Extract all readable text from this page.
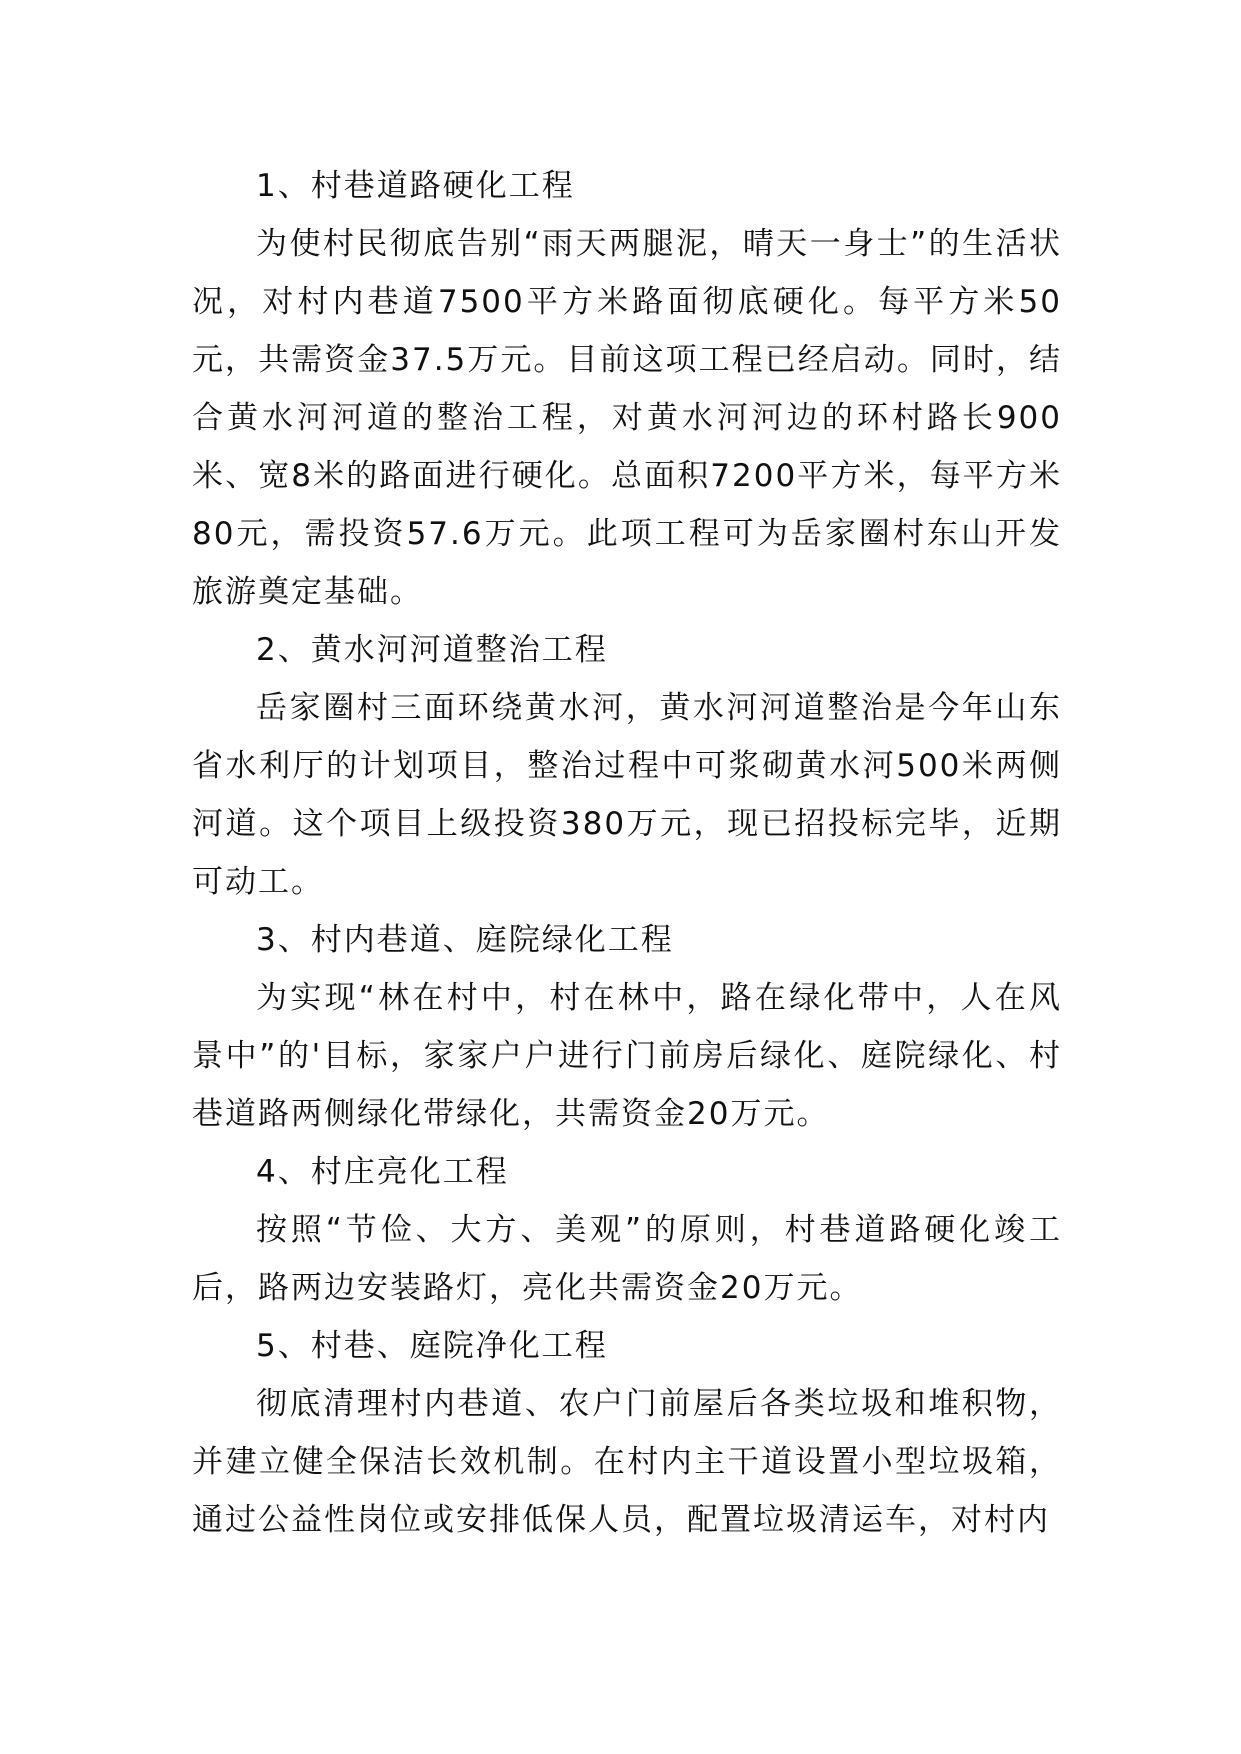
1、村巷道路硬化工程

为使村民彻底告别“雨天两腿泥，晴天一身士”的生活状况，对村内巷道7500平方米路面彻底硬化。每平方米50元，共需资金37.5万元。目前这项工程已经启动。同时，结合黄水河河道的整治工程，对黄水河河边的环村路长900米、宽8米的路面进行硬化。总面积7200平方米，每平方米80元，需投资57.6万元。此项工程可为岳家圈村东山开发旅游奠定基础。

2、黄水河河道整治工程

岳家圈村三面环绕黄水河，黄水河河道整治是今年山东省水利厅的计划项目，整治过程中可浆砌黄水河500米两侧河道。这个项目上级投资380万元，现已招投标完毕，近期可动工。

3、村内巷道、庭院绿化工程

为实现“林在村中，村在林中，路在绿化带中，人在风景中”的'目标，家家户户进行门前房后绿化、庭院绿化、村巷道路两侧绿化带绿化，共需资金20万元。

4、村庄亮化工程

按照“节俭、大方、美观”的原则，村巷道路硬化竣工后，路两边安装路灯，亮化共需资金20万元。

5、村巷、庭院净化工程

彻底清理村内巷道、农户门前屋后各类垃圾和堆积物，并建立健全保洁长效机制。在村内主干道设置小型垃圾箱，通过公益性岗位或安排低保人员，配置垃圾清运车，对村内
